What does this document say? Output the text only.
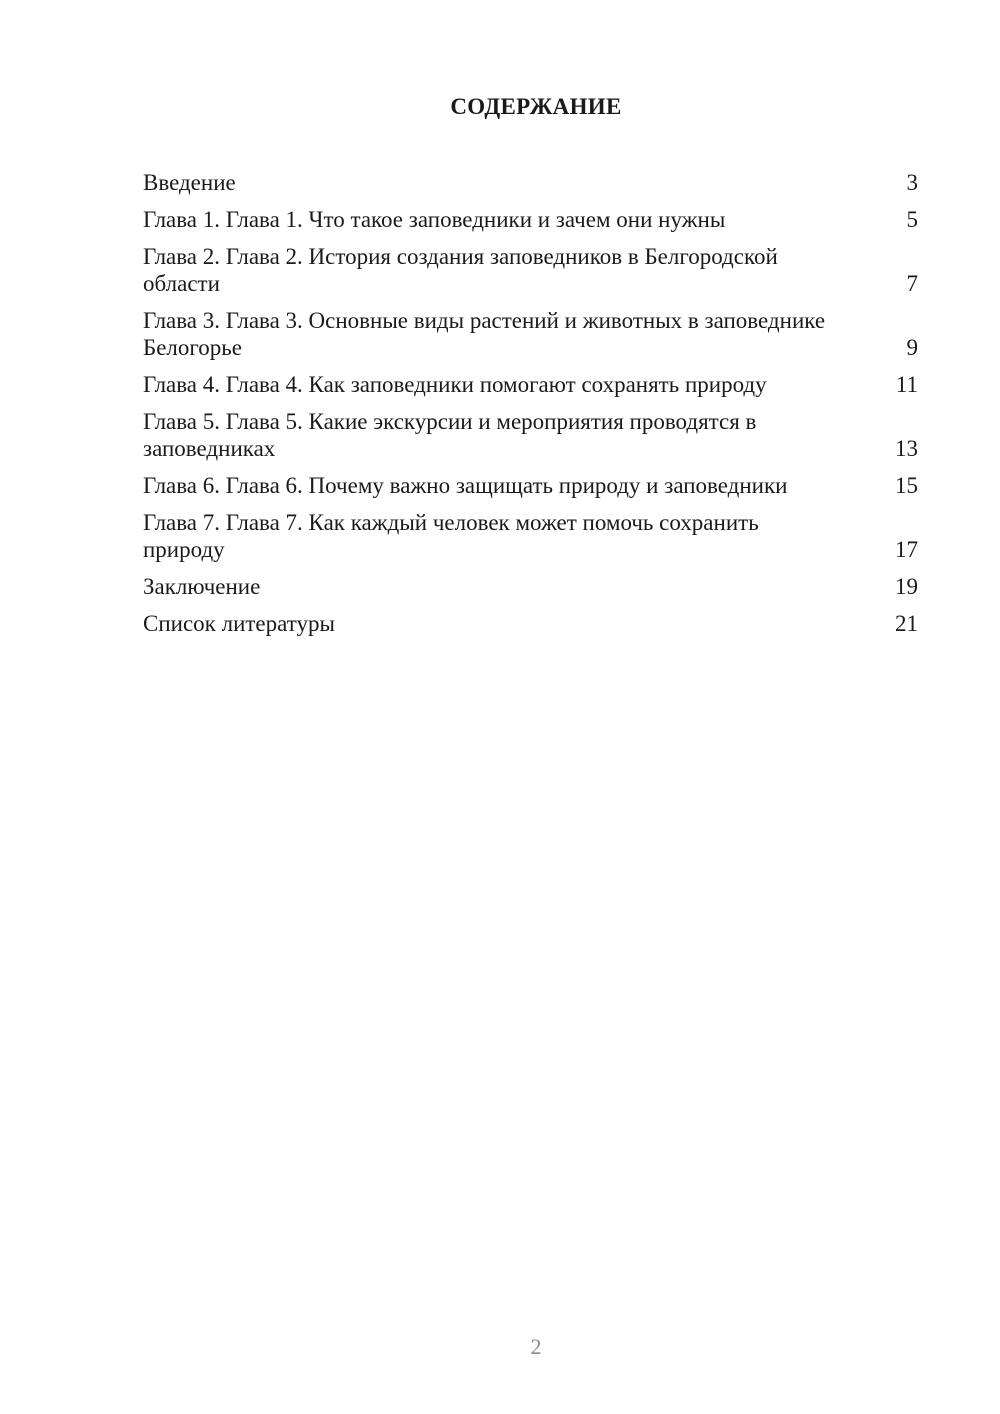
СОДЕРЖАНИЕ
Введение	3
Глава 1. Глава 1. Что такое заповедники и зачем они нужны	5
Глава 2. Глава 2. История создания заповедников в Белгородской области	7
Глава 3. Глава 3. Основные виды растений и животных в заповеднике Белогорье	9
Глава 4. Глава 4. Как заповедники помогают сохранять природу	11
Глава 5. Глава 5. Какие экскурсии и мероприятия проводятся в заповедниках	13
Глава 6. Глава 6. Почему важно защищать природу и заповедники	15
Глава 7. Глава 7. Как каждый человек может помочь сохранить природу	17
Заключение	19
Список литературы	21
2
